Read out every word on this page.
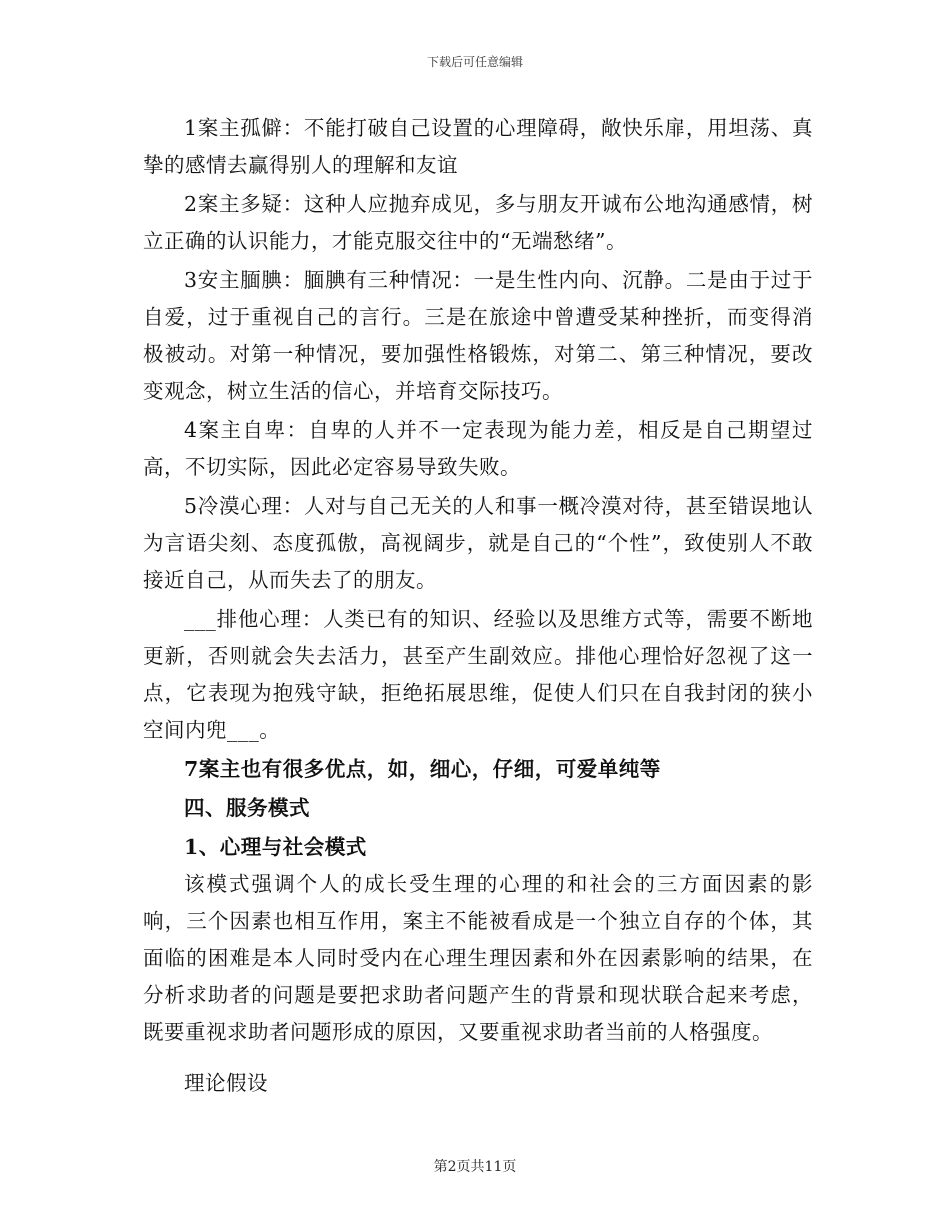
下载后可任意编辑

1案主孤僻：不能打破自己设置的心理障碍，敞快乐扉，用坦荡、真挚的感情去赢得别人的理解和友谊

2案主多疑：这种人应抛弃成见，多与朋友开诚布公地沟通感情，树立正确的认识能力，才能克服交往中的“无端愁绪”。

3安主腼腆：腼腆有三种情况：一是生性内向、沉静。二是由于过于自爱，过于重视自己的言行。三是在旅途中曾遭受某种挫折，而变得消极被动。对第一种情况，要加强性格锻炼，对第二、第三种情况，要改变观念，树立生活的信心，并培育交际技巧。

4案主自卑：自卑的人并不一定表现为能力差，相反是自己期望过高，不切实际，因此必定容易导致失败。

5冷漠心理：人对与自己无关的人和事一概冷漠对待，甚至错误地认为言语尖刻、态度孤傲，高视阔步，就是自己的“个性”，致使别人不敢接近自己，从而失去了的朋友。

___排他心理：人类已有的知识、经验以及思维方式等，需要不断地更新，否则就会失去活力，甚至产生副效应。排他心理恰好忽视了这一点，它表现为抱残守缺，拒绝拓展思维，促使人们只在自我封闭的狭小空间内兜___。

7案主也有很多优点，如，细心，仔细，可爱单纯等

四、服务模式

1、心理与社会模式

该模式强调个人的成长受生理的心理的和社会的三方面因素的影响，三个因素也相互作用，案主不能被看成是一个独立自存的个体，其面临的困难是本人同时受内在心理生理因素和外在因素影响的结果，在分析求助者的问题是要把求助者问题产生的背景和现状联合起来考虑，既要重视求助者问题形成的原因，又要重视求助者当前的人格强度。

理论假设

第2页共11页
